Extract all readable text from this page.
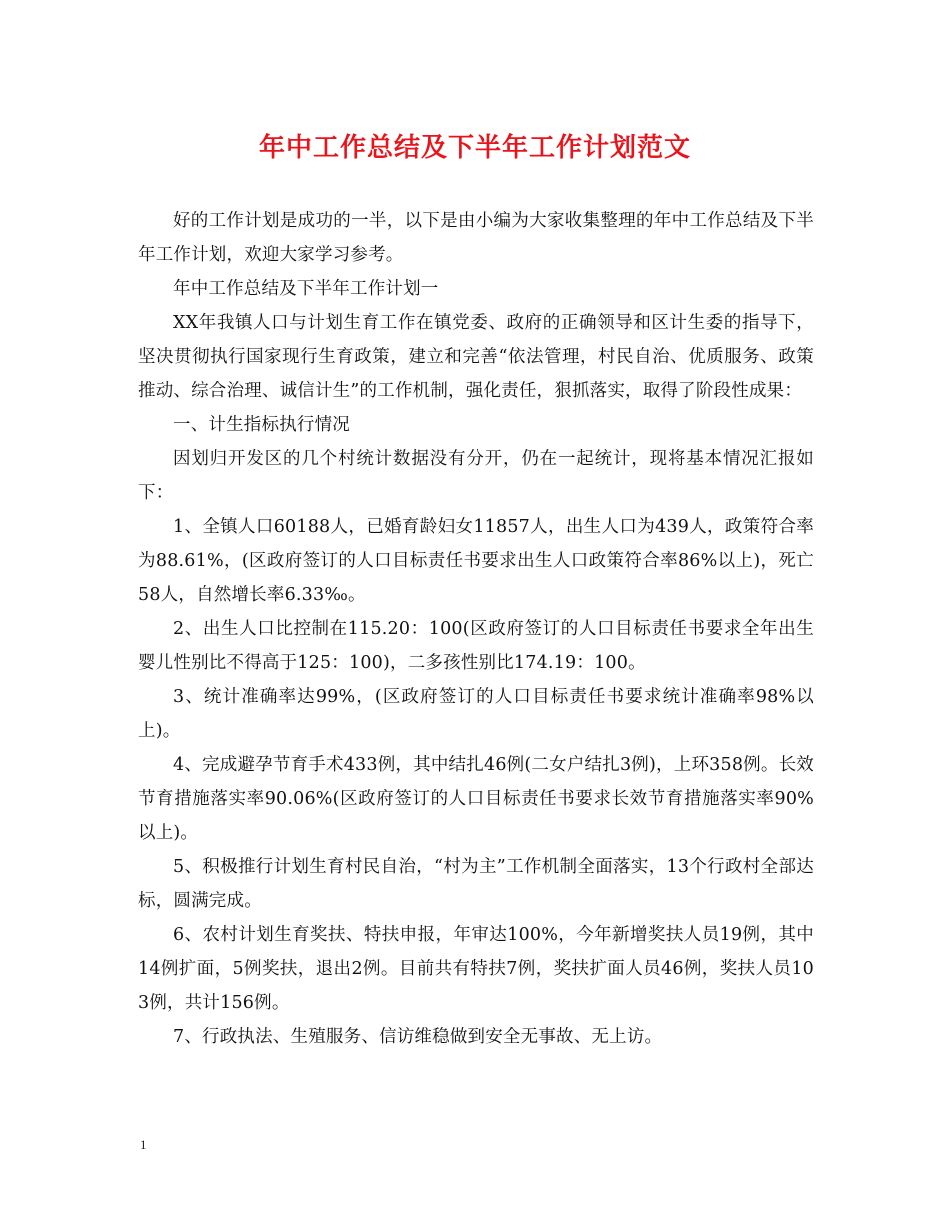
年中工作总结及下半年工作计划范文

好的工作计划是成功的一半，以下是由小编为大家收集整理的年中工作总结及下半年工作计划，欢迎大家学习参考。

年中工作总结及下半年工作计划一

XX年我镇人口与计划生育工作在镇党委、政府的正确领导和区计生委的指导下，坚决贯彻执行国家现行生育政策，建立和完善“依法管理，村民自治、优质服务、政策推动、综合治理、诚信计生”的工作机制，强化责任，狠抓落实，取得了阶段性成果：

一、计生指标执行情况

因划归开发区的几个村统计数据没有分开，仍在一起统计，现将基本情况汇报如下：

1、全镇人口60188人，已婚育龄妇女11857人，出生人口为439人，政策符合率为88.61%，(区政府签订的人口目标责任书要求出生人口政策符合率86%以上)，死亡58人，自然增长率6.33‰。

2、出生人口比控制在115.20：100(区政府签订的人口目标责任书要求全年出生婴儿性别比不得高于125：100)，二多孩性别比174.19：100。

3、统计准确率达99%，(区政府签订的人口目标责任书要求统计准确率98%以上)。

4、完成避孕节育手术433例，其中结扎46例(二女户结扎3例)，上环358例。长效节育措施落实率90.06%(区政府签订的人口目标责任书要求长效节育措施落实率90%以上)。

5、积极推行计划生育村民自治，“村为主”工作机制全面落实，13个行政村全部达标，圆满完成。

6、农村计划生育奖扶、特扶申报，年审达100%，今年新增奖扶人员19例，其中14例扩面，5例奖扶，退出2例。目前共有特扶7例，奖扶扩面人员46例，奖扶人员103例，共计156例。

7、行政执法、生殖服务、信访维稳做到安全无事故、无上访。

1
